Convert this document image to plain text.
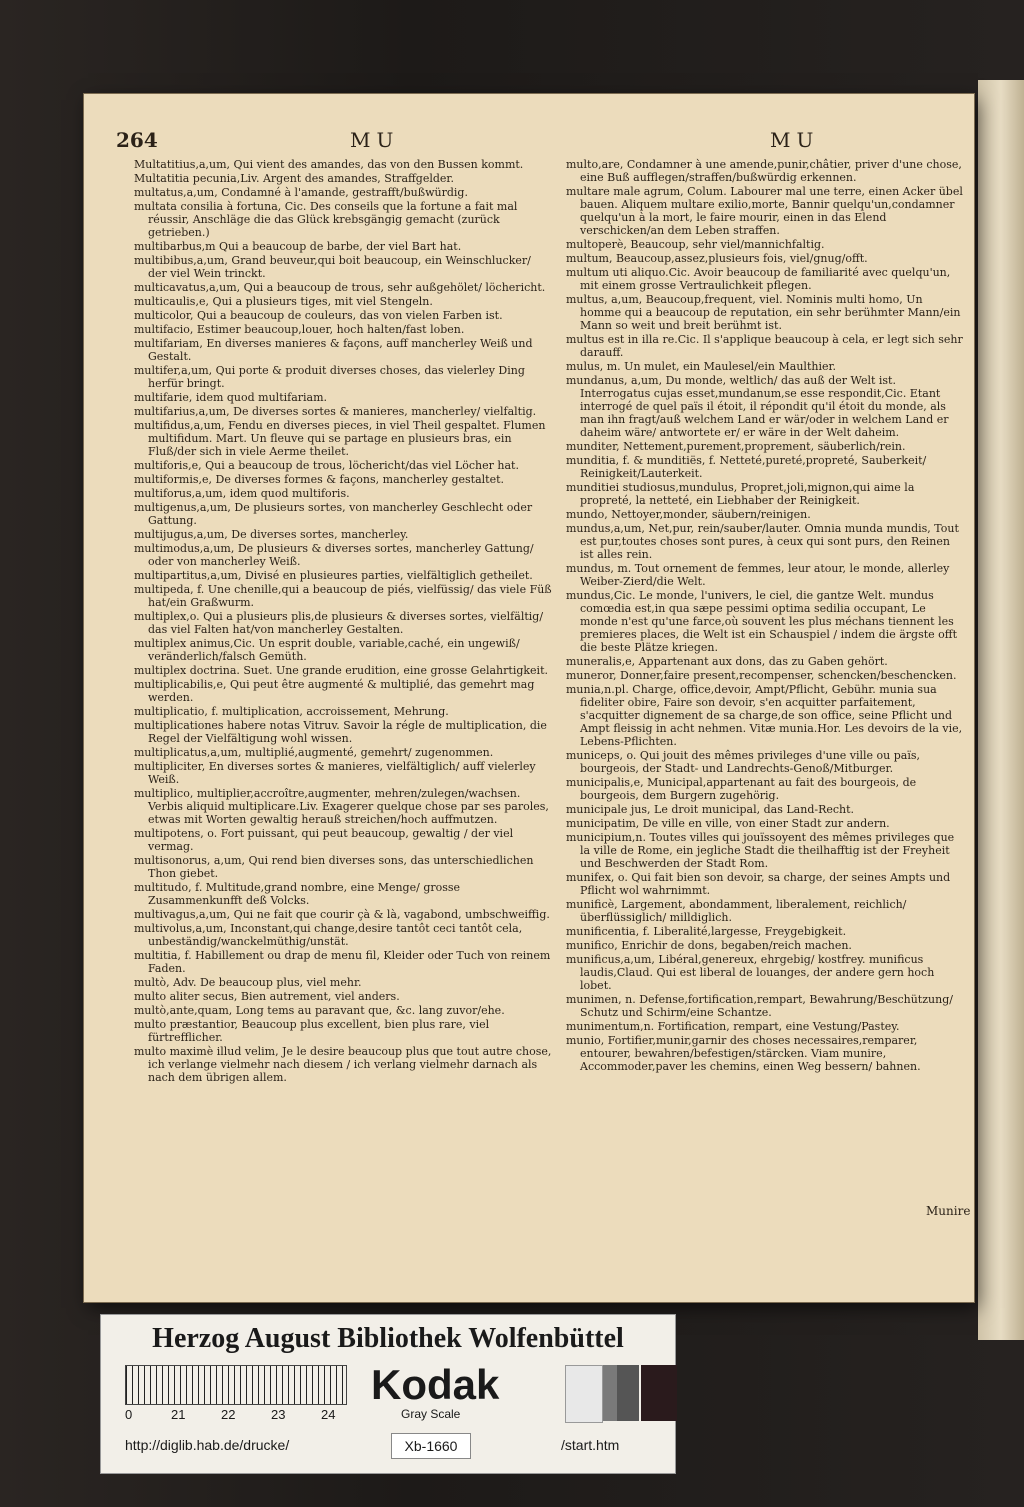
264	MU	MU

Multatitius,a,um, Qui vient des amandes, das von den Bussen kommt.

Multatitia pecunia,Liv. Argent des amandes, Straffgelder.

multatus,a,um, Condamné à l'amande, gestrafft/bußwürdig.

multata consilia à fortuna, Cic. Des conseils que la fortune a fait mal réussir, Anschläge die das Glück krebsgängig gemacht (zurück getrieben.)

multibarbus,m Qui a beaucoup de barbe, der viel Bart hat.

multibibus,a,um, Grand beuveur,qui boit beaucoup, ein Weinschlucker/ der viel Wein trinckt.

multicavatus,a,um, Qui a beaucoup de trous, sehr außgehölet/ löchericht.

multicaulis,e, Qui a plusieurs tiges, mit viel Stengeln.

multicolor, Qui a beaucoup de couleurs, das von vielen Farben ist.

multifacio, Estimer beaucoup,louer, hoch halten/fast loben.

multifariam, En diverses manieres & façons, auff mancherley Weiß und Gestalt.

multifer,a,um, Qui porte & produit diverses choses, das vielerley Ding herfür bringt.

multifarie, idem quod multifariam.

multifarius,a,um, De diverses sortes & manieres, mancherley/ vielfaltig.

multifidus,a,um, Fendu en diverses pieces, in viel Theil gespaltet. Flumen multifidum. Mart. Un fleuve qui se partage en plusieurs bras, ein Fluß/der sich in viele Aerme theilet.

multiforis,e, Qui a beaucoup de trous, löchericht/das viel Löcher hat.

multiformis,e, De diverses formes & façons, mancherley gestaltet.

multiforus,a,um, idem quod multiforis.

multigenus,a,um, De plusieurs sortes, von mancherley Geschlecht oder Gattung.

multijugus,a,um, De diverses sortes, mancherley.

multimodus,a,um, De plusieurs & diverses sortes, mancherley Gattung/ oder von mancherley Weiß.

multipartitus,a,um, Divisé en plusieures parties, vielfältiglich getheilet.

multipeda, f. Une chenille,qui a beaucoup de piés, vielfüssig/ das viele Füß hat/ein Graßwurm.

multiplex,o. Qui a plusieurs plis,de plusieurs & diverses sortes, vielfältig/ das viel Falten hat/von mancherley Gestalten.

multiplex animus,Cic. Un esprit double, variable,caché, ein ungewiß/ veränderlich/falsch Gemüth.

multiplex doctrina. Suet. Une grande erudition, eine grosse Gelahrtigkeit.

multiplicabilis,e, Qui peut être augmenté & multiplié, das gemehrt mag werden.

multiplicatio, f. multiplication, accroissement, Mehrung.

multiplicationes habere notas Vitruv. Savoir la régle de multiplication, die Regel der Vielfältigung wohl wissen.

multiplicatus,a,um, multiplié,augmenté, gemehrt/ zugenommen.

multipliciter, En diverses sortes & manieres, vielfältiglich/ auff vielerley Weiß.

multiplico, multiplier,accroître,augmenter, mehren/zulegen/wachsen. Verbis aliquid multiplicare.Liv. Exagerer quelque chose par ses paroles, etwas mit Worten gewaltig herauß streichen/hoch auffmutzen.

multipotens, o. Fort puissant, qui peut beaucoup, gewaltig / der viel vermag.

multisonorus, a,um, Qui rend bien diverses sons, das unterschiedlichen Thon giebet.

multitudo, f. Multitude,grand nombre, eine Menge/ grosse Zusammenkunfft deß Volcks.

multivagus,a,um, Qui ne fait que courir çà & là, vagabond, umbschweiffig.

multivolus,a,um, Inconstant,qui change,desire tantôt ceci tantôt cela, unbeständig/wanckelmüthig/unstät.

multitia, f. Habillement ou drap de menu fil, Kleider oder Tuch von reinem Faden.

multò, Adv. De beaucoup plus, viel mehr.

multo aliter secus, Bien autrement, viel anders.

multò,ante,quam, Long tems au paravant que, &c. lang zuvor/ehe.

multo præstantior, Beaucoup plus excellent, bien plus rare, viel fürtrefflicher.

multo maximè illud velim, Je le desire beaucoup plus que tout autre chose, ich verlange vielmehr nach diesem / ich verlang vielmehr darnach als nach dem übrigen allem.

multo,are, Condamner à une amende,punir,châtier, priver d'une chose, eine Buß aufflegen/straffen/bußwürdig erkennen.

multare male agrum, Colum. Labourer mal une terre, einen Acker übel bauen. Aliquem multare exilio,morte, Bannir quelqu'un,condamner quelqu'un à la mort, le faire mourir, einen in das Elend verschicken/an dem Leben straffen.

multoperè, Beaucoup, sehr viel/mannichfaltig.

multum, Beaucoup,assez,plusieurs fois, viel/gnug/offt.

multum uti aliquo.Cic. Avoir beaucoup de familiarité avec quelqu'un, mit einem grosse Vertraulichkeit pflegen.

multus, a,um, Beaucoup,frequent, viel. Nominis multi homo, Un homme qui a beaucoup de reputation, ein sehr berühmter Mann/ein Mann so weit und breit berühmt ist.

multus est in illa re.Cic. Il s'applique beaucoup à cela, er legt sich sehr darauff.

mulus, m. Un mulet, ein Maulesel/ein Maulthier.

mundanus, a,um, Du monde, weltlich/ das auß der Welt ist. Interrogatus cujas esset,mundanum,se esse respondit,Cic. Etant interrogé de quel païs il étoit, il répondit qu'il étoit du monde, als man ihn fragt/auß welchem Land er wär/oder in welchem Land er daheim wäre/ antwortete er/ er wäre in der Welt daheim.

munditer, Nettement,purement,proprement, säuberlich/rein.

munditia, f. & munditiës, f. Netteté,pureté,propreté, Sauberkeit/ Reinigkeit/Lauterkeit.

munditiei studiosus,mundulus, Propret,joli,mignon,qui aime la propreté, la netteté, ein Liebhaber der Reinigkeit.

mundo, Nettoyer,monder, säubern/reinigen.

mundus,a,um, Net,pur, rein/sauber/lauter. Omnia munda mundis, Tout est pur,toutes choses sont pures, à ceux qui sont purs, den Reinen ist alles rein.

mundus, m. Tout ornement de femmes, leur atour, le monde, allerley Weiber-Zierd/die Welt.

mundus,Cic. Le monde, l'univers, le ciel, die gantze Welt. mundus comœdia est,in qua sæpe pessimi optima sedilia occupant, Le monde n'est qu'une farce,où souvent les plus méchans tiennent les premieres places, die Welt ist ein Schauspiel / indem die ärgste offt die beste Plätze kriegen.

muneralis,e, Appartenant aux dons, das zu Gaben gehört.

muneror, Donner,faire present,recompenser, schencken/beschencken.

munia,n.pl. Charge, office,devoir, Ampt/Pflicht, Gebühr. munia sua fideliter obire, Faire son devoir, s'en acquitter parfaitement, s'acquitter dignement de sa charge,de son office, seine Pflicht und Ampt fleissig in acht nehmen. Vitæ munia.Hor. Les devoirs de la vie, Lebens-Pflichten.

municeps, o. Qui jouit des mêmes privileges d'une ville ou païs, bourgeois, der Stadt- und Landrechts-Genoß/Mitburger.

municipalis,e, Municipal,appartenant au fait des bourgeois, de bourgeois, dem Burgern zugehörig.

municipale jus, Le droit municipal, das Land-Recht.

municipatim, De ville en ville, von einer Stadt zur andern.

municipium,n. Toutes villes qui jouïssoyent des mêmes privileges que la ville de Rome, ein jegliche Stadt die theilhafftig ist der Freyheit und Beschwerden der Stadt Rom.

munifex, o. Qui fait bien son devoir, sa charge, der seines Ampts und Pflicht wol wahrnimmt.

munificè, Largement, abondamment, liberalement, reichlich/überflüssiglich/ milldiglich.

munificentia, f. Liberalité,largesse, Freygebigkeit.

munifico, Enrichir de dons, begaben/reich machen.

munificus,a,um, Libéral,genereux, ehrgebig/ kostfrey. munificus laudis,Claud. Qui est liberal de louanges, der andere gern hoch lobet.

munimen, n. Defense,fortification,rempart, Bewahrung/Beschützung/ Schutz und Schirm/eine Schantze.

munimentum,n. Fortification, rempart, eine Vestung/Pastey.

munio, Fortifier,munir,garnir des choses necessaires,remparer, entourer, bewahren/befestigen/stärcken. Viam munire, Accommoder,paver les chemins, einen Weg bessern/ bahnen.

Munire
Herzog August Bibliothek Wolfenbüttel
0	21	22	23	24
Kodak
Gray Scale
http://diglib.hab.de/drucke/	Xb-1660	/start.htm
